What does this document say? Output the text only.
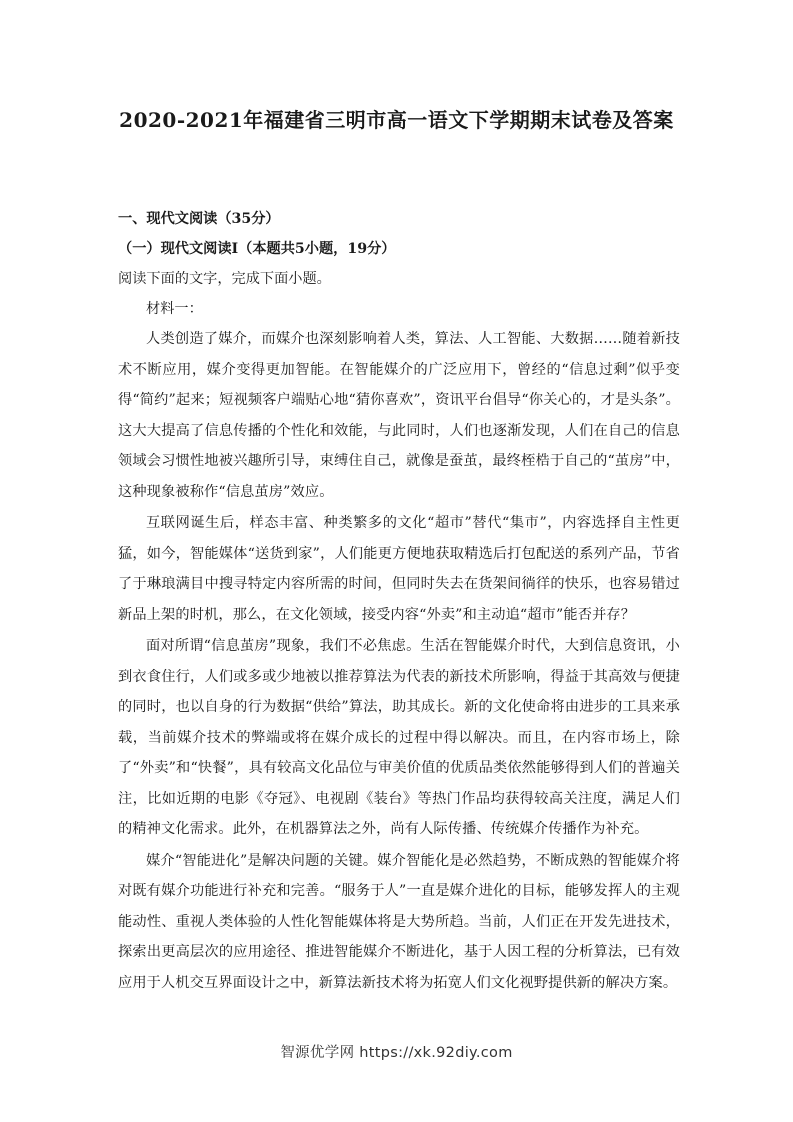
2020-2021年福建省三明市高一语文下学期期末试卷及答案

一、现代文阅读（35分）

（一）现代文阅读Ⅰ（本题共5小题，19分）

阅读下面的文字，完成下面小题。

材料一：

人类创造了媒介，而媒介也深刻影响着人类，算法、人工智能、大数据……随着新技术不断应用，媒介变得更加智能。在智能媒介的广泛应用下，曾经的“信息过剩”似乎变得“简约”起来；短视频客户端贴心地“猜你喜欢”，资讯平台倡导“你关心的，才是头条”。这大大提高了信息传播的个性化和效能，与此同时，人们也逐渐发现，人们在自己的信息领域会习惯性地被兴趣所引导，束缚住自己，就像是蚕茧，最终桎梏于自己的“茧房”中，这种现象被称作“信息茧房”效应。

互联网诞生后，样态丰富、种类繁多的文化“超市”替代“集市”，内容选择自主性更猛，如今，智能媒体“送货到家”，人们能更方便地获取精选后打包配送的系列产品，节省了于琳琅满目中搜寻特定内容所需的时间，但同时失去在货架间徜徉的快乐，也容易错过新品上架的时机，那么，在文化领域，接受内容“外卖”和主动追“超市”能否并存？

面对所谓“信息茧房”现象，我们不必焦虑。生活在智能媒介时代，大到信息资讯，小到衣食住行，人们或多或少地被以推荐算法为代表的新技术所影响，得益于其高效与便捷的同时，也以自身的行为数据“供给”算法，助其成长。新的文化使命将由进步的工具来承载，当前媒介技术的弊端或将在媒介成长的过程中得以解决。而且，在内容市场上，除了“外卖”和“快餐”，具有较高文化品位与审美价值的优质品类依然能够得到人们的普遍关注，比如近期的电影《夺冠》、电视剧《装台》等热门作品均获得较高关注度，满足人们的精神文化需求。此外，在机器算法之外，尚有人际传播、传统媒介传播作为补充。

媒介“智能进化”是解决问题的关键。媒介智能化是必然趋势，不断成熟的智能媒介将对既有媒介功能进行补充和完善。“服务于人”一直是媒介进化的目标，能够发挥人的主观能动性、重视人类体验的人性化智能媒体将是大势所趋。当前，人们正在开发先进技术，探索出更高层次的应用途径、推进智能媒介不断进化，基于人因工程的分析算法，已有效应用于人机交互界面设计之中，新算法新技术将为拓宽人们文化视野提供新的解决方案。

智源优学网 https://xk.92diy.com
